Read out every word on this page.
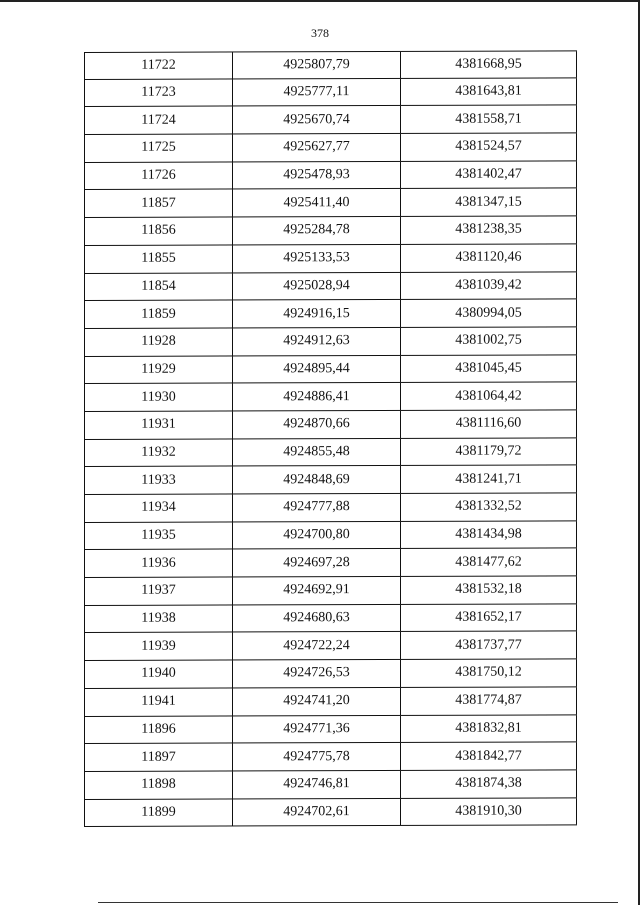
378
11722	4925807,79	4381668,95
11723	4925777,11	4381643,81
11724	4925670,74	4381558,71
11725	4925627,77	4381524,57
11726	4925478,93	4381402,47
11857	4925411,40	4381347,15
11856	4925284,78	4381238,35
11855	4925133,53	4381120,46
11854	4925028,94	4381039,42
11859	4924916,15	4380994,05
11928	4924912,63	4381002,75
11929	4924895,44	4381045,45
11930	4924886,41	4381064,42
11931	4924870,66	4381116,60
11932	4924855,48	4381179,72
11933	4924848,69	4381241,71
11934	4924777,88	4381332,52
11935	4924700,80	4381434,98
11936	4924697,28	4381477,62
11937	4924692,91	4381532,18
11938	4924680,63	4381652,17
11939	4924722,24	4381737,77
11940	4924726,53	4381750,12
11941	4924741,20	4381774,87
11896	4924771,36	4381832,81
11897	4924775,78	4381842,77
11898	4924746,81	4381874,38
11899	4924702,61	4381910,30
